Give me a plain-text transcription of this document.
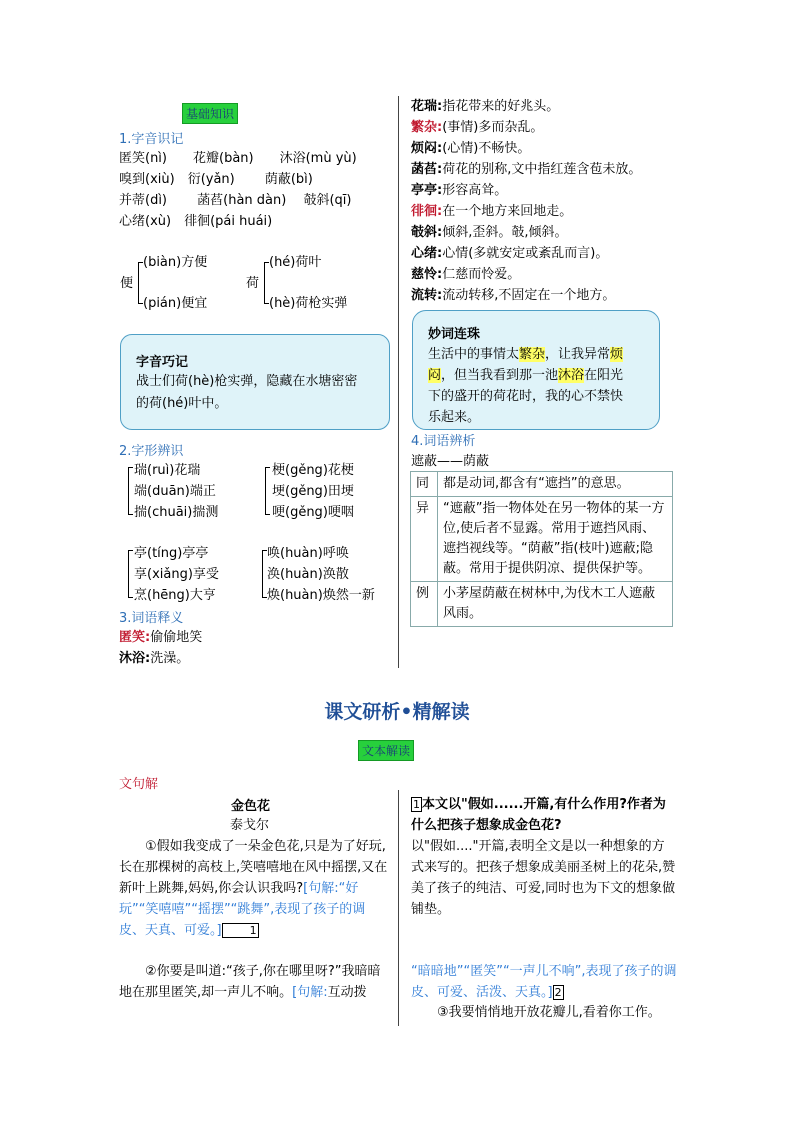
基础知识
1.字音识记
匿笑(nì)　　花瓣(bàn)　　沐浴(mù yù)
嗅到(xiù)　衍(yǎn)　　 荫蔽(bì)
并蒂(dì)　　 菡萏(hàn dàn)　 攲斜(qī)
心绪(xù)　徘徊(pái huái)
便
(biàn)方便
(pián)便宜
荷
(hé)荷叶
(hè)荷枪实弹
字音巧记
战士们荷(hè)枪实弹，隐藏在水塘密密
的荷(hé)叶中。
2.字形辨识
瑞(ruì)花瑞
端(duān)端正
揣(chuāi)揣测
梗(gěng)花梗
埂(gěng)田埂
哽(gěng)哽咽
亭(tíng)亭亭
享(xiǎng)享受
烹(hēng)大亨
唤(huàn)呼唤
涣(huàn)涣散
焕(huàn)焕然一新
3.词语释义
匿笑:偷偷地笑
沐浴:洗澡。
花瑞:指花带来的好兆头。
繁杂:(事情)多而杂乱。
烦闷:(心情)不畅快。
菡萏:荷花的别称,文中指红莲含苞未放。
亭亭:形容高耸。
徘徊:在一个地方来回地走。
攲斜:倾斜,歪斜。攲,倾斜。
心绪:心情(多就安定或紊乱而言)。
慈怜:仁慈而怜爱。
流转:流动转移,不固定在一个地方。
妙词连珠
生活中的事情太繁杂，让我异常烦
闷，但当我看到那一池沐浴在阳光
下的盛开的荷花时，我的心不禁快
乐起来。
4.词语辨析
遮蔽——荫蔽
同	都是动词,都含有“遮挡”的意思。
异	“遮蔽”指一物体处在另一物体的某一方位,使后者不显露。常用于遮挡风雨、遮挡视线等。“荫蔽”指(枝叶)遮蔽;隐蔽。常用于提供阴凉、提供保护等。
例	小茅屋荫蔽在树林中,为伐木工人遮蔽风雨。
课文研析•精解读
文本解读
文句解
金色花
泰戈尔
①假如我变成了一朵金色花,只是为了好玩,长在那棵树的高枝上,笑嘻嘻地在风中摇摆,又在新叶上跳舞,妈妈,你会认识我吗?[句解:“好玩”“笑嘻嘻”“摇摆”“跳舞”,表现了孩子的调皮、天真、可爱。]	1
②你要是叫道:“孩子,你在哪里呀?”我暗暗地在那里匿笑,却一声儿不响。[句解:互动拨
1 本文以"假如......开篇,有什么作用?作者为什么把孩子想象成金色花?
以"假如...."开篇,表明全文是以一种想象的方式来写的。把孩子想象成美丽圣树上的花朵,赞美了孩子的纯洁、可爱,同时也为下文的想象做铺垫。
“暗暗地”“匿笑”“一声儿不响”,表现了孩子的调皮、可爱、活泼、天真。] 2
③我要悄悄地开放花瓣儿,看着你工作。
